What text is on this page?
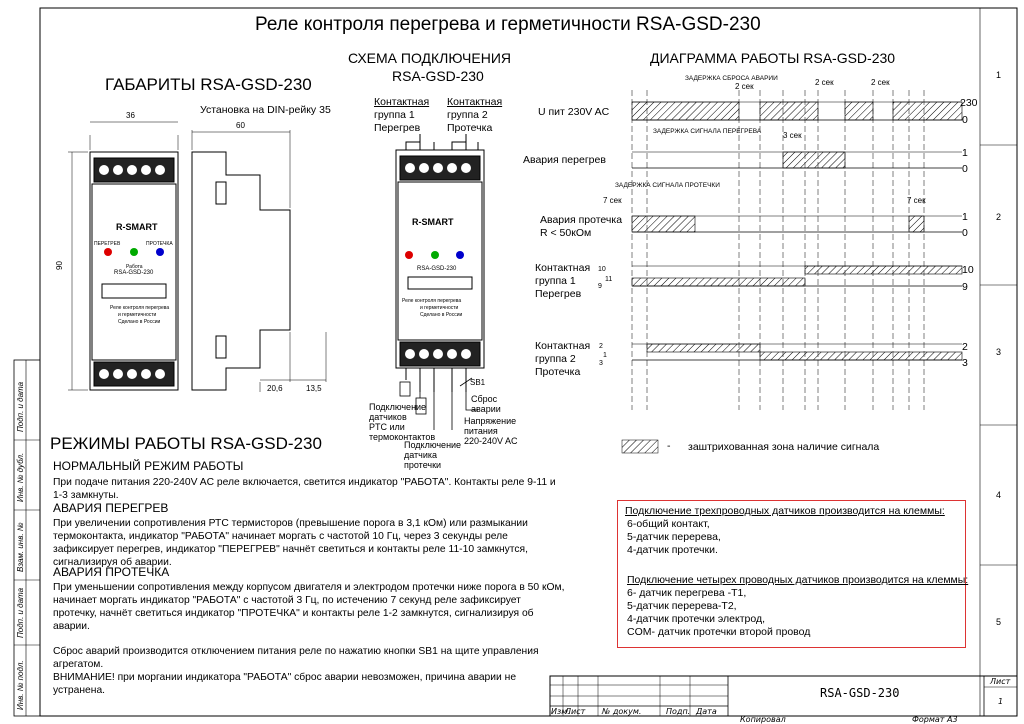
Реле контроля перегрева и герметичности RSA-GSD-230
ГАБАРИТЫ RSA-GSD-230
Установка на DIN-рейку 35
R-SMART
RSA-GSD-230
Реле контроля перегрева
и герметичности
Сделано в России
ПЕРЕГРЕВ
Работа
ПРОТЕЧКА
36
90
60
20,6	13,5
СХЕМА ПОДКЛЮЧЕНИЯ
RSA-GSD-230
Контактная
группа 1
Перегрев
Контактная
группа 2
Протечка
R-SMART
RSA-GSD-230
Реле контроля перегрева
и герметичности
Сделано в России
SB1
Сброс
аварии
Подключение
датчиков
PTC или
термоконтактов
Подключение
датчика
протечки
Напряжение
питания
220-240V AC
ДИАГРАММА РАБОТЫ RSA-GSD-230
ЗАДЕРЖКА СБРОСА АВАРИИ
2 сек	2 сек	2 сек
ЗАДЕРЖКА СИГНАЛА ПЕРЕГРЕВА	3 сек
ЗАДЕРЖКА СИГНАЛА ПРОТЕЧКИ
7 сек	7 сек
U пит 230V AC
230
0
Авария перегрев
1
0
Авария протечка
R < 50кОм
1
0
Контактная
группа 1
Перегрев
10
11
9
10
9
Контактная
группа 2
Протечка
2
1
3
2
3
- заштрихованная зона наличие сигнала
РЕЖИМЫ РАБОТЫ RSA-GSD-230
НОРМАЛЬНЫЙ РЕЖИМ РАБОТЫ
При подаче питания 220-240V AC реле включается, светится индикатор "РАБОТА". Контакты реле 9-11 и
1-3 замкнуты.
АВАРИЯ ПЕРЕГРЕВ
При увеличении сопротивления РТС термисторов (превышение порога в 3,1 кОм) или размыкании
термоконтакта, индикатор "РАБОТА" начинает моргать с частотой 10 Гц, через 3 секунды реле
зафиксирует перегрев, индикатор "ПЕРЕГРЕВ" начнёт светиться и контакты реле 11-10 замкнутся,
сигнализируя об аварии.
АВАРИЯ ПРОТЕЧКА
При уменьшении сопротивления между корпусом двигателя и электродом протечки ниже порога в 50 кОм,
начинает моргать индикатор "РАБОТА" с частотой 3 Гц, по истечению 7 секунд реле зафиксирует
протечку, начнёт светиться индикатор "ПРОТЕЧКА" и контакты реле 1-2 замкнутся, сигнализируя об
аварии.
Сброс аварий производится отключением питания реле по нажатию кнопки SB1 на щите управления
агрегатом.
ВНИМАНИЕ! при моргании индикатора "РАБОТА" сброс аварии невозможен, причина аварии не
устранена.
Подключение трехпроводных датчиков производится на клеммы:
6-общий контакт,
5-датчик перерева,
4-датчик протечки.
Подключение четырех проводных датчиков производится на клеммы:
6- датчик перегрева -Т1,
5-датчик перерева-Т2,
4-датчик протечки электрод,
COM- датчик протечки второй провод
1
2
3
4
5
Подп. и дата
Инв. № дубл.
Взам. инв. №
Подп. и дата
Инв. № подл.
Изм.
Лист № докум.	Подп. Дата
RSA-GSD-230
Лист
1
Копировал	Формат А3
